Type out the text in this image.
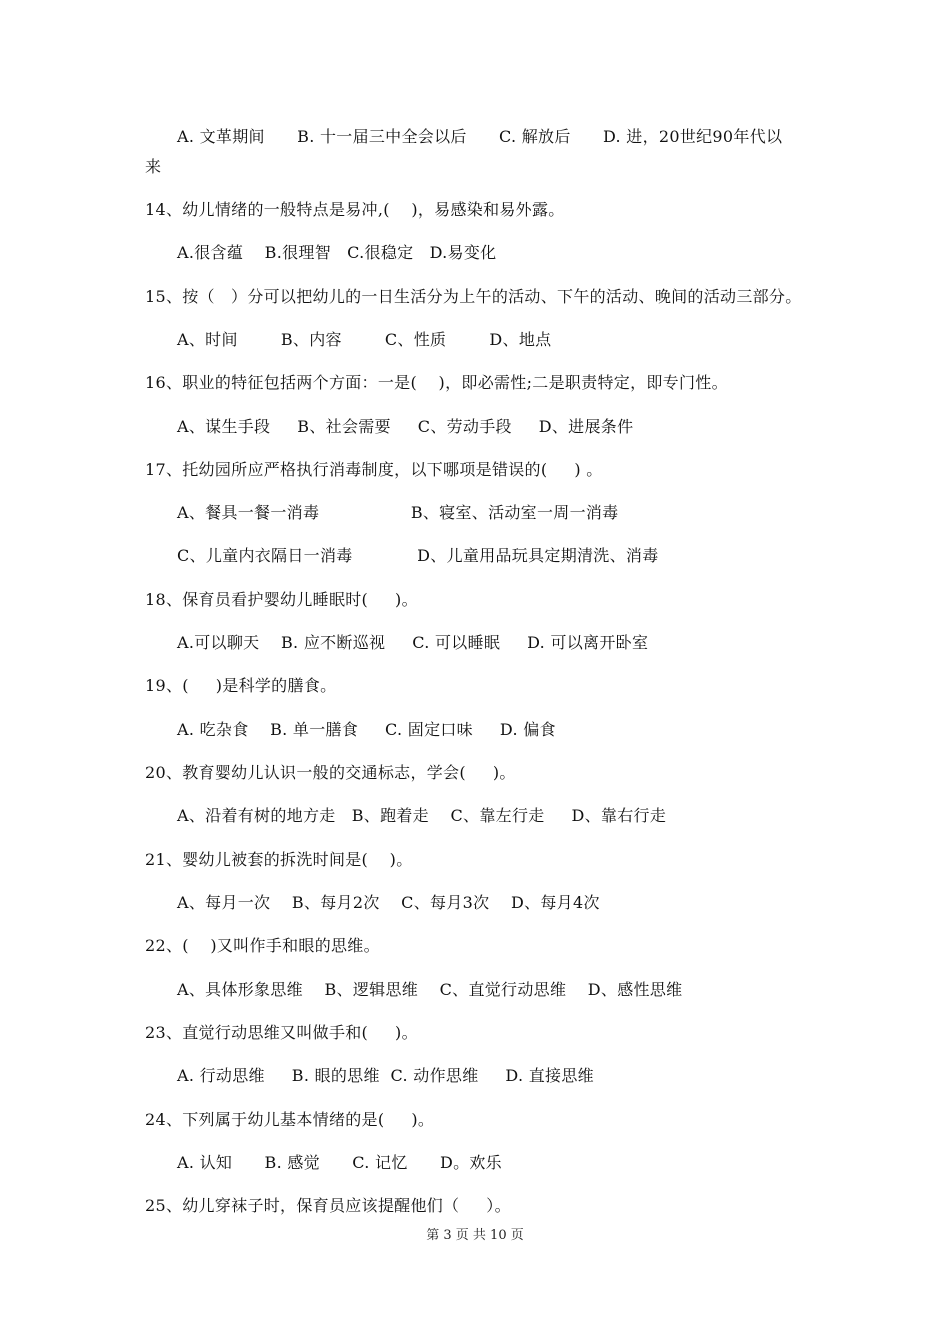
A. 文革期间      B. 十一届三中全会以后      C. 解放后      D. 进，20世纪90年代以
来
14、幼儿情绪的一般特点是易冲,(    )，易感染和易外露。
A.很含蕴    B.很理智   C.很稳定   D.易变化
15、按（   ）分可以把幼儿的一日生活分为上午的活动、下午的活动、晚间的活动三部分。
A、时间        B、内容        C、性质        D、地点
16、职业的特征包括两个方面：一是(    )，即必需性;二是职责特定，即专门性。
A、谋生手段     B、社会需要     C、劳动手段     D、进展条件
17、托幼园所应严格执行消毒制度，以下哪项是错误的(     ) 。
A、餐具一餐一消毒                 B、寝室、活动室一周一消毒
C、儿童内衣隔日一消毒            D、儿童用品玩具定期清洗、消毒
18、保育员看护婴幼儿睡眠时(     )。
A.可以聊天    B. 应不断巡视     C. 可以睡眠     D. 可以离开卧室
19、(     )是科学的膳食。
A. 吃杂食    B. 单一膳食     C. 固定口味     D. 偏食
20、教育婴幼儿认识一般的交通标志，学会(     )。
A、沿着有树的地方走   B、跑着走    C、靠左行走     D、靠右行走
21、婴幼儿被套的拆洗时间是(    )。
A、每月一次    B、每月2次    C、每月3次    D、每月4次
22、(    )又叫作手和眼的思维。
A、具体形象思维    B、逻辑思维    C、直觉行动思维    D、感性思维
23、直觉行动思维又叫做手和(     )。
A. 行动思维     B. 眼的思维  C. 动作思维     D. 直接思维
24、下列属于幼儿基本情绪的是(     )。
A. 认知      B. 感觉      C. 记忆      D。欢乐
25、幼儿穿袜子时，保育员应该提醒他们（     ）。
第 3 页 共 10 页
